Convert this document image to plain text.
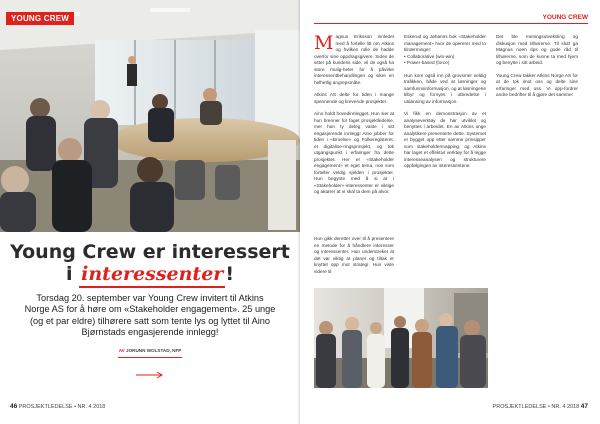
YOUNG CREW
Young Crew er interessert
i interessenter !
Torsdag 20. september var Young Crew invitert til Atkins Norge AS for å høre om «Stakeholder engagement». 25 unge (og et par eldre) tilhørere satt som tente lys og lyttet til Aino Bjørnstads engasjerende innlegg!
AV JORUNN WOLSTAD, NFP
46 PROSJEKTLEDELSE • NR. 4 2018
YOUNG CREW

Magnus Eriksson innledet med å fortelle litt om Atkins og hvilken rolle de hadde overfor sine oppdragsgivere. Siden de sitter på kundens side, vil de også ha store mulig-heter for å påvirke interessentbehandlingen og sikre en helhetlig angrepsmåte.

Atkins AS delte for tiden i mange spennende og krevende prosjekter.

Aino holdt hovedinnlegget. Hun sier at hun brenner for faget prosjektledelse, mer hun ty deleg vaste i sitt engasjerende innlegg! Aino jobber for tiden i «Broelse» og Folkeregisteret, et digitalise-ringsprosjekt, og tok utgangspunkt i erfaringer fra dette prosjektet. Her er «Stakeholder engagement» et eget tema, noe som forteller veldig sjelden i prosjekter. Hun begynte med å si at i «Stakeholder»-interessenter er viktige og aktører at vi skal ta dem på alvor.

Hun gikk deretter over til å presentere en metode for å håndtere interesser og interessenter. Hun understreket at det var viktig at planer og tiltak er knyttet opp mot strategi. Hun viste videre til

Eskerud og Jøhanns bok «Stakeholder management» hvor de opererer med to tilnærminger:
• Collaborative (win-win)
• Power-based (force)

Hun kom også inn på grovsmer veldig trafikken, både ved at løsninger og samfunnsinformasjon, og at løsningene tilbyr og fornyes i utbredelse i utdanning av informasjon.

Vi fikk en demonstrasjon av et analyseverktøy de har utviklet og benyttes i arbeidet. En av Atkins unge analytikere presenterte dette. Systemet er bygget opp etter samme prinsipper som stakeholdermapping, og Atkins har laget et effektivt verktøy for å legge interesseanalysen og strukturere oppfølgingen av interessentene.

Det ble meningsutveksling og diskusjon med tilhørerne. Til slutt ga Magnus noen tips og gode råd til tilhørerne, som de kunne ta med hjem og benytte i sitt arbeid.

Young Crew takker Atkins Norge AS for at de tok imot oss og delte sine erfaringer med oss. Vi opp-fordrer andre bedrifter til å gjøre det samme!

PROSJEKTLEDELSE • NR. 4 2018 47
